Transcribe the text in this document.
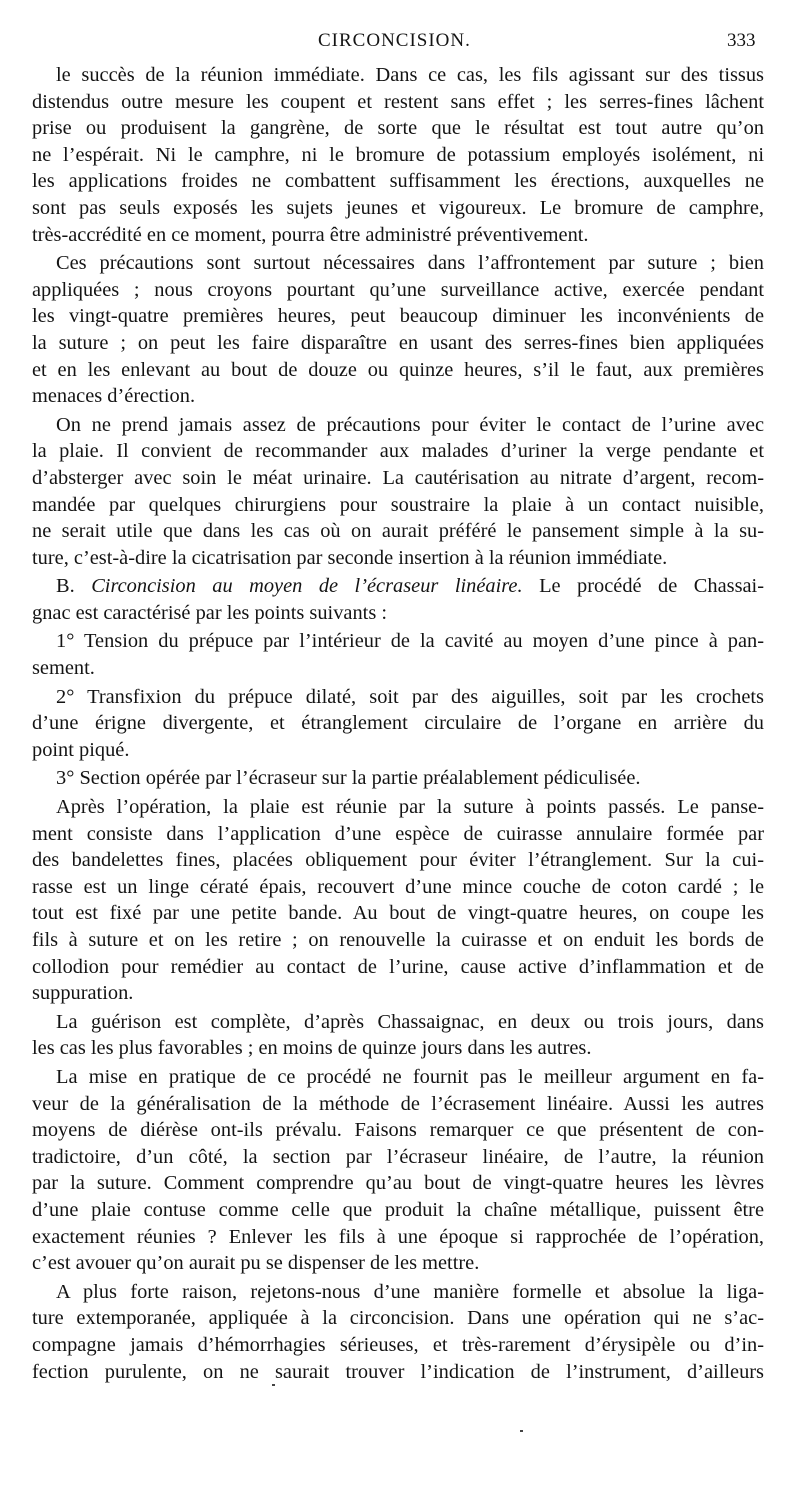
CIRCONCISION.	333
le succès de la réunion immédiate. Dans ce cas, les fils agissant sur des tissus
distendus outre mesure les coupent et restent sans effet ; les serres-fines lâchent
prise ou produisent la gangrène, de sorte que le résultat est tout autre qu’on
ne l’espérait. Ni le camphre, ni le bromure de potassium employés isolément, ni
les applications froides ne combattent suffisamment les érections, auxquelles ne
sont pas seuls exposés les sujets jeunes et vigoureux. Le bromure de camphre,
très-accrédité en ce moment, pourra être administré préventivement.
Ces précautions sont surtout nécessaires dans l’affrontement par suture ; bien
appliquées ; nous croyons pourtant qu’une surveillance active, exercée pendant
les vingt-quatre premières heures, peut beaucoup diminuer les inconvénients de
la suture ; on peut les faire disparaître en usant des serres-fines bien appliquées
et en les enlevant au bout de douze ou quinze heures, s’il le faut, aux premières
menaces d’érection.
On ne prend jamais assez de précautions pour éviter le contact de l’urine avec
la plaie. Il convient de recommander aux malades d’uriner la verge pendante et
d’absterger avec soin le méat urinaire. La cautérisation au nitrate d’argent, recom-
mandée par quelques chirurgiens pour soustraire la plaie à un contact nuisible,
ne serait utile que dans les cas où on aurait préféré le pansement simple à la su-
ture, c’est-à-dire la cicatrisation par seconde insertion à la réunion immédiate.
B. Circoncision au moyen de l’écraseur linéaire. Le procédé de Chassai-
gnac est caractérisé par les points suivants :
1° Tension du prépuce par l’intérieur de la cavité au moyen d’une pince à pan-
sement.
2° Transfixion du prépuce dilaté, soit par des aiguilles, soit par les crochets
d’une érigne divergente, et étranglement circulaire de l’organe en arrière du
point piqué.
3° Section opérée par l’écraseur sur la partie préalablement pédiculisée.
Après l’opération, la plaie est réunie par la suture à points passés. Le panse-
ment consiste dans l’application d’une espèce de cuirasse annulaire formée par
des bandelettes fines, placées obliquement pour éviter l’étranglement. Sur la cui-
rasse est un linge cératé épais, recouvert d’une mince couche de coton cardé ; le
tout est fixé par une petite bande. Au bout de vingt-quatre heures, on coupe les
fils à suture et on les retire ; on renouvelle la cuirasse et on enduit les bords de
collodion pour remédier au contact de l’urine, cause active d’inflammation et de
suppuration.
La guérison est complète, d’après Chassaignac, en deux ou trois jours, dans
les cas les plus favorables ; en moins de quinze jours dans les autres.
La mise en pratique de ce procédé ne fournit pas le meilleur argument en fa-
veur de la généralisation de la méthode de l’écrasement linéaire. Aussi les autres
moyens de diérèse ont-ils prévalu. Faisons remarquer ce que présentent de con-
tradictoire, d’un côté, la section par l’écraseur linéaire, de l’autre, la réunion
par la suture. Comment comprendre qu’au bout de vingt-quatre heures les lèvres
d’une plaie contuse comme celle que produit la chaîne métallique, puissent être
exactement réunies ? Enlever les fils à une époque si rapprochée de l’opération,
c’est avouer qu’on aurait pu se dispenser de les mettre.
A plus forte raison, rejetons-nous d’une manière formelle et absolue la liga-
ture extemporanée, appliquée à la circoncision. Dans une opération qui ne s’ac-
compagne jamais d’hémorrhagies sérieuses, et très-rarement d’érysipèle ou d’in-
fection purulente, on ne saurait trouver l’indication de l’instrument, d’ailleurs
